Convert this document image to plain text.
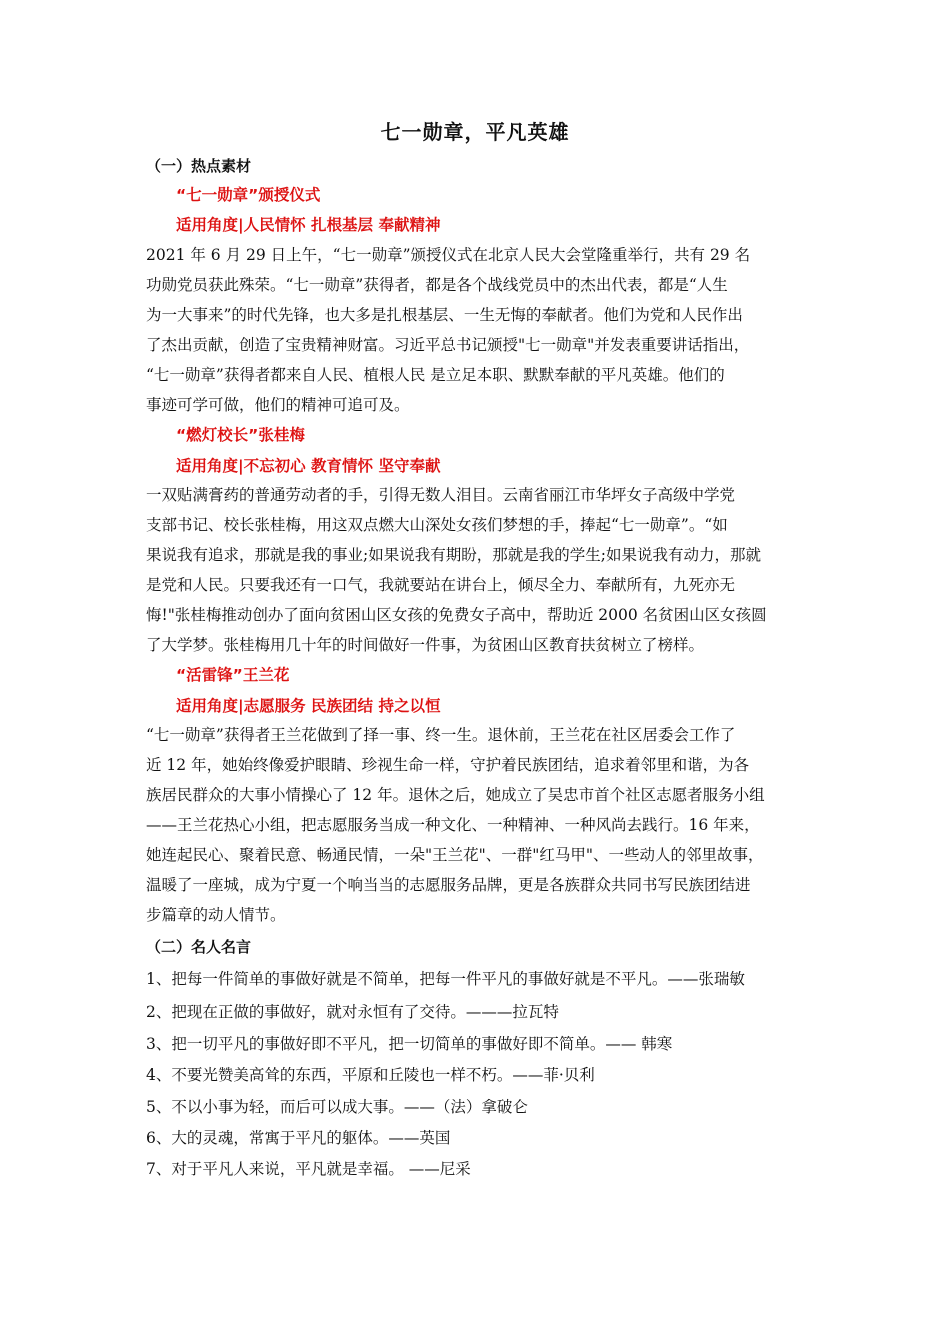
七一勋章，平凡英雄
（一）热点素材
“七一勋章”颁授仪式
适用角度|人民情怀 扎根基层 奉献精神
2021 年 6 月 29 日上午，“七一勋章”颁授仪式在北京人民大会堂隆重举行，共有 29 名
功勋党员获此殊荣。“七一勋章”获得者，都是各个战线党员中的杰出代表，都是“人生
为一大事来”的时代先锋，也大多是扎根基层、一生无悔的奉献者。他们为党和人民作出
了杰出贡献，创造了宝贵精神财富。习近平总书记颁授"七一勋章"并发表重要讲话指出，
“七一勋章”获得者都来自人民、植根人民 是立足本职、默默奉献的平凡英雄。他们的
事迹可学可做，他们的精神可追可及。
“燃灯校长”张桂梅
适用角度|不忘初心 教育情怀 坚守奉献
一双贴满膏药的普通劳动者的手，引得无数人泪目。云南省丽江市华坪女子高级中学党
支部书记、校长张桂梅，用这双点燃大山深处女孩们梦想的手，捧起“七一勋章”。“如
果说我有追求，那就是我的事业;如果说我有期盼，那就是我的学生;如果说我有动力，那就
是党和人民。只要我还有一口气，我就要站在讲台上，倾尽全力、奉献所有，九死亦无
悔!"张桂梅推动创办了面向贫困山区女孩的免费女子高中，帮助近 2000 名贫困山区女孩圆
了大学梦。张桂梅用几十年的时间做好一件事，为贫困山区教育扶贫树立了榜样。
“活雷锋”王兰花
适用角度|志愿服务 民族团结 持之以恒
“七一勋章”获得者王兰花做到了择一事、终一生。退休前，王兰花在社区居委会工作了
近 12 年，她始终像爱护眼睛、珍视生命一样，守护着民族团结，追求着邻里和谐，为各
族居民群众的大事小情操心了 12 年。退休之后，她成立了吴忠市首个社区志愿者服务小组
——王兰花热心小组，把志愿服务当成一种文化、一种精神、一种风尚去践行。16 年来，
她连起民心、聚着民意、畅通民情，一朵"王兰花"、一群"红马甲"、一些动人的邻里故事，
温暖了一座城，成为宁夏一个响当当的志愿服务品牌，更是各族群众共同书写民族团结进
步篇章的动人情节。
（二）名人名言
1、把每一件简单的事做好就是不简单，把每一件平凡的事做好就是不平凡。——张瑞敏
2、把现在正做的事做好，就对永恒有了交待。———拉瓦特
3、把一切平凡的事做好即不平凡，把一切简单的事做好即不简单。—— 韩寒
4、不要光赞美高耸的东西，平原和丘陵也一样不朽。——菲·贝利
5、不以小事为轻，而后可以成大事。——（法）拿破仑
6、大的灵魂，常寓于平凡的躯体。——英国
7、对于平凡人来说，平凡就是幸福。 ——尼采
